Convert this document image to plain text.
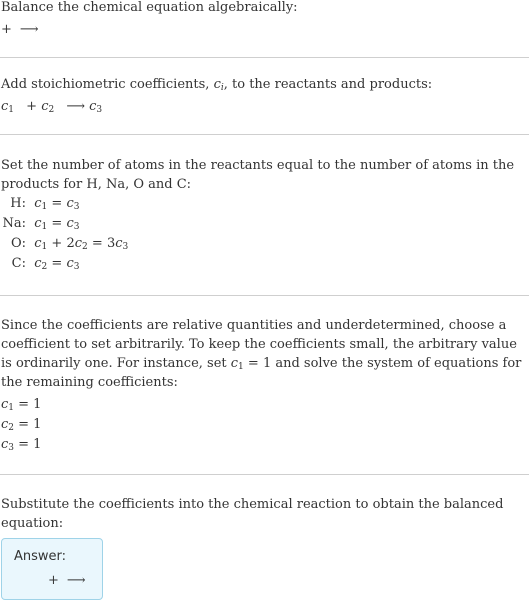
Balance the chemical equation algebraically:
+ ⟶
Add stoichiometric coefficients, $c_i$, to the reactants and products:
$c_1 + c_2$ ⟶ $c_3$
Set the number of atoms in the reactants equal to the number of atoms in the products for H, Na, O and C:
H: $c_1 = c_3$
Na: $c_1 = c_3$
O: $c_1 + 2c_2 = 3c_3$
C: $c_2 = c_3$
Since the coefficients are relative quantities and underdetermined, choose a coefficient to set arbitrarily. To keep the coefficients small, the arbitrary value is ordinarily one. For instance, set $c_1 = 1$ and solve the system of equations for the remaining coefficients:
$c_1 = 1$
$c_2 = 1$
$c_3 = 1$
Substitute the coefficients into the chemical reaction to obtain the balanced equation:
Answer:
+ ⟶
